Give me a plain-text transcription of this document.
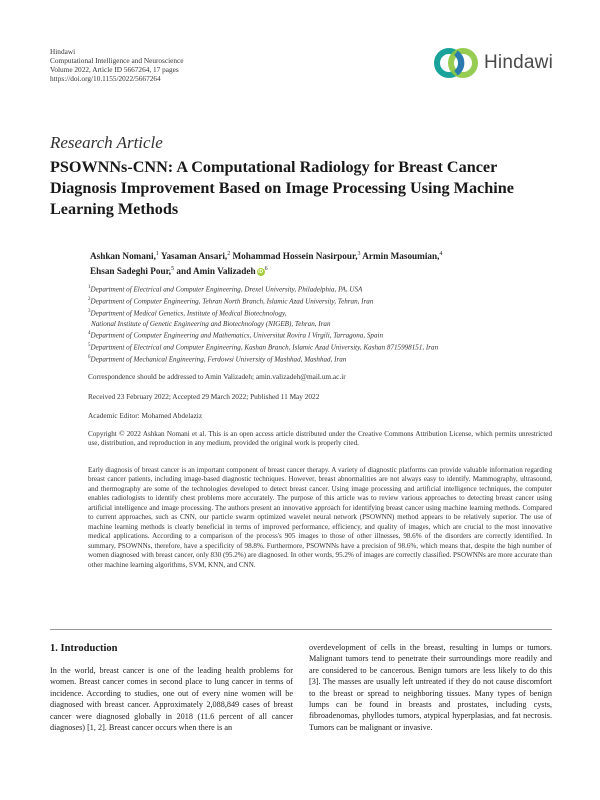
Hindawi
Computational Intelligence and Neuroscience
Volume 2022, Article ID 5667264, 17 pages
https://doi.org/10.1155/2022/5667264
Hindawi
Research Article
PSOWNNs-CNN: A Computational Radiology for Breast Cancer Diagnosis Improvement Based on Image Processing Using Machine Learning Methods
Ashkan Nomani,$^1$ Yasaman Ansari,$^2$ Mohammad Hossein Nasirpour,$^3$ Armin Masoumian,$^4$
Ehsan Sadeghi Pour,$^5$ and Amin Valizadeh iD $^6$
$^1$Department of Electrical and Computer Engineering, Drexel University, Philadelphia, PA, USA
$^2$Department of Computer Engineering, Tehran North Branch, Islamic Azad University, Tehran, Iran
$^3$Department of Medical Genetics, Institute of Medical Biotechnology,
National Institute of Genetic Engineering and Biotechnology (NIGEB), Tehran, Iran
$^4$Department of Computer Engineering and Mathematics, Universitat Rovira I Virgili, Tarragona, Spain
$^5$Department of Electrical and Computer Engineering, Kashan Branch, Islamic Azad University, Kashan 8715998151, Iran
$^6$Department of Mechanical Engineering, Ferdowsi University of Mashhad, Mashhad, Iran
Correspondence should be addressed to Amin Valizadeh; amin.valizadeh@mail.um.ac.ir
Received 23 February 2022; Accepted 29 March 2022; Published 11 May 2022
Academic Editor: Mohamed Abdelaziz
Copyright © 2022 Ashkan Nomani et al. This is an open access article distributed under the Creative Commons Attribution License, which permits unrestricted use, distribution, and reproduction in any medium, provided the original work is properly cited.
Early diagnosis of breast cancer is an important component of breast cancer therapy. A variety of diagnostic platforms can provide valuable information regarding breast cancer patients, including image-based diagnostic techniques. However, breast abnormalities are not always easy to identify. Mammography, ultrasound, and thermography are some of the technologies developed to detect breast cancer. Using image processing and artificial intelligence techniques, the computer enables radiologists to identify chest problems more accurately. The purpose of this article was to review various approaches to detecting breast cancer using artificial intelligence and image processing. The authors present an innovative approach for identifying breast cancer using machine learning methods. Compared to current approaches, such as CNN, our particle swarm optimized wavelet neural network (PSOWNN) method appears to be relatively superior. The use of machine learning methods is clearly beneficial in terms of improved performance, efficiency, and quality of images, which are crucial to the most innovative medical applications. According to a comparison of the process's 905 images to those of other illnesses, 98.6% of the disorders are correctly identified. In summary, PSOWNNs, therefore, have a specificity of 98.8%. Furthermore, PSOWNNs have a precision of 98.6%, which means that, despite the high number of women diagnosed with breast cancer, only 830 (95.2%) are diagnosed. In other words, 95.2% of images are correctly classified. PSOWNNs are more accurate than other machine learning algorithms, SVM, KNN, and CNN.
1. Introduction
In the world, breast cancer is one of the leading health problems for women. Breast cancer comes in second place to lung cancer in terms of incidence. According to studies, one out of every nine women will be diagnosed with breast cancer. Approximately 2,088,849 cases of breast cancer were diagnosed globally in 2018 (11.6 percent of all cancer diagnoses) [1, 2]. Breast cancer occurs when there is an
overdevelopment of cells in the breast, resulting in lumps or tumors. Malignant tumors tend to penetrate their surroundings more readily and are considered to be cancerous. Benign tumors are less likely to do this [3]. The masses are usually left untreated if they do not cause discomfort to the breast or spread to neighboring tissues. Many types of benign lumps can be found in breasts and prostates, including cysts, fibroadenomas, phyllodes tumors, atypical hyperplasias, and fat necrosis. Tumors can be malignant or invasive.
